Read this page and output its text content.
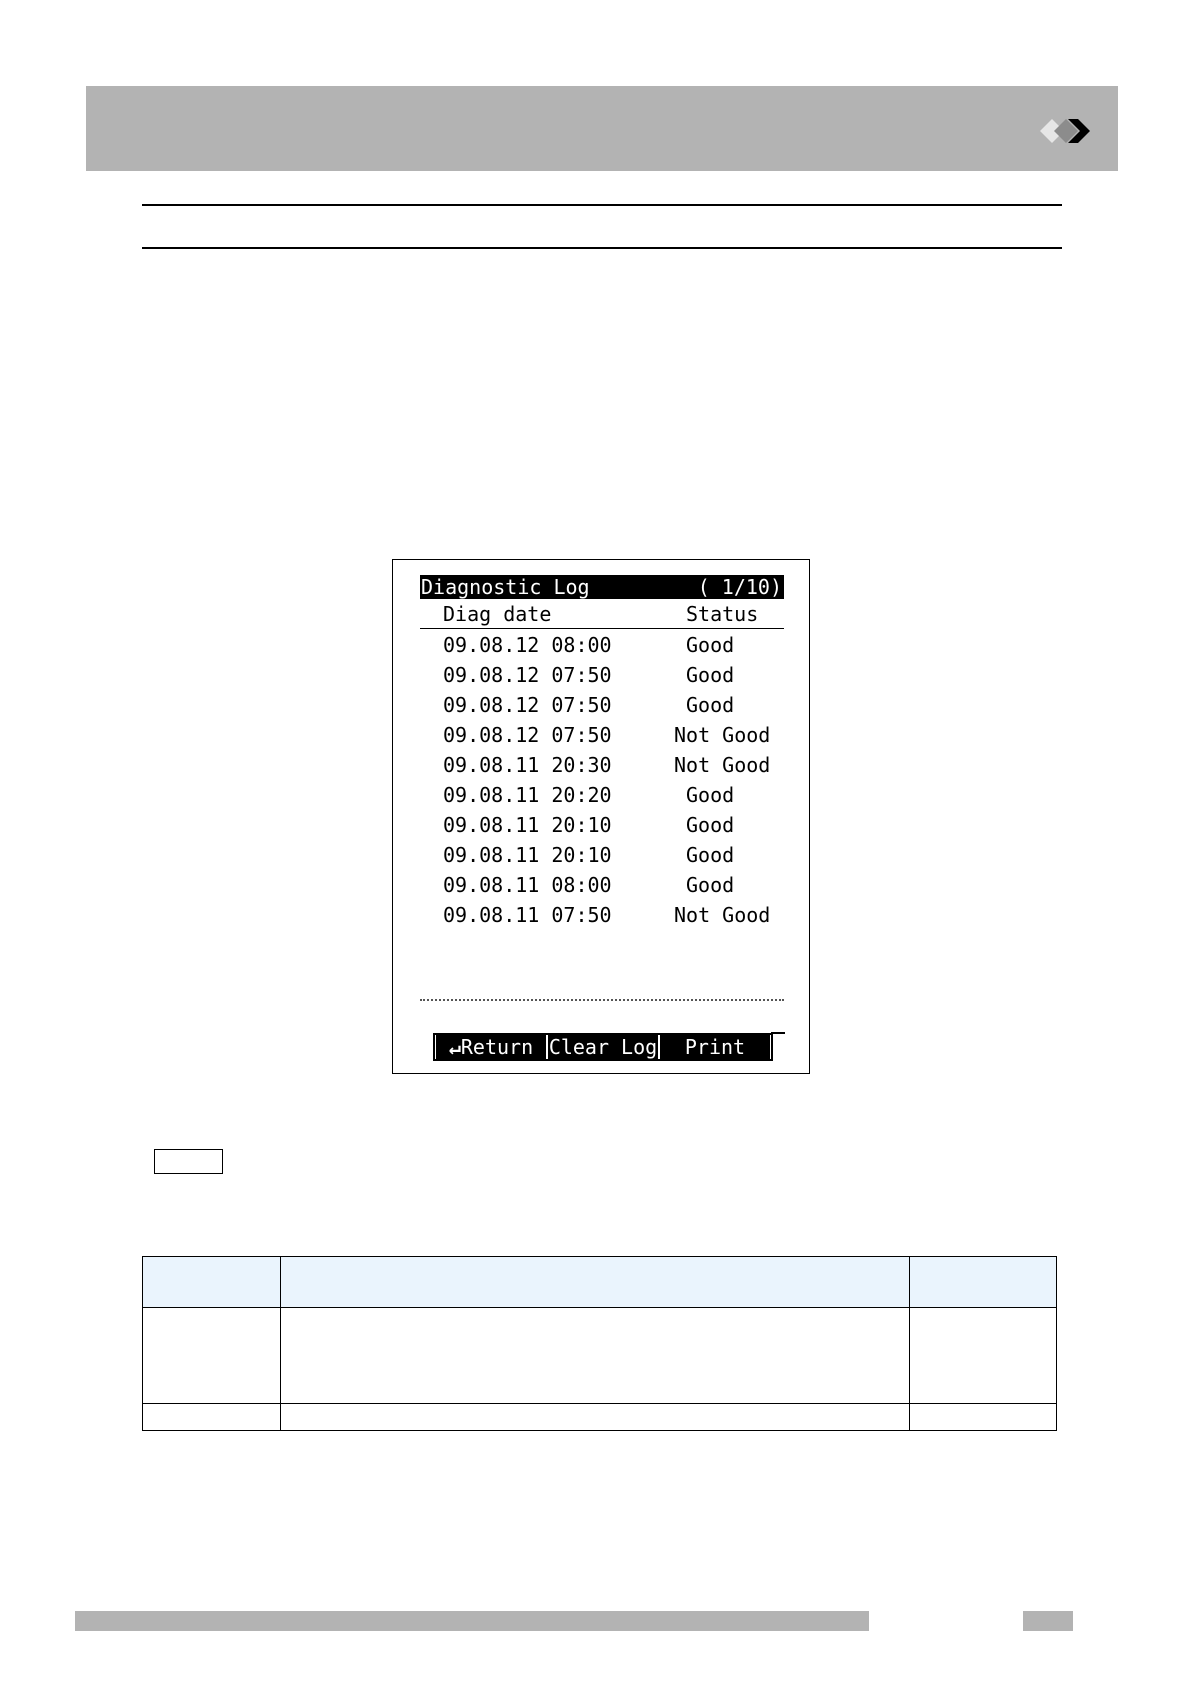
Diagnostic Log	( 1/10)
Diag date	Status
09.08.12 08:00	Good
09.08.12 07:50	Good
09.08.12 07:50	Good
09.08.12 07:50	Not Good
09.08.11 20:30	Not Good
09.08.11 20:20	Good
09.08.11 20:10	Good
09.08.11 20:10	Good
09.08.11 08:00	Good
09.08.11 07:50	Not Good
↵Return Clear Log	Print
